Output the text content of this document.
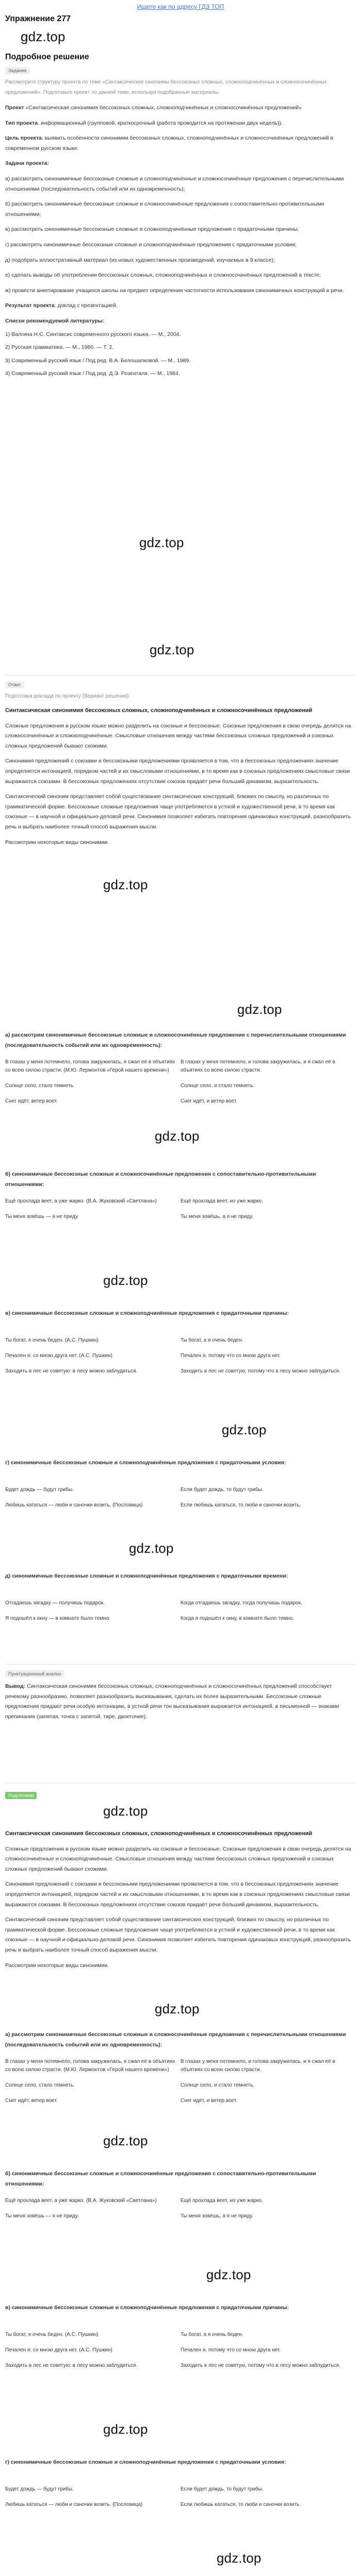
Ищете как по адресу ГДЗ ТОП
Упражнение 277
gdz.top
Подробное решение
Задание
Рассмотрите структуру проекта по теме «Синтаксические синонимы бессоюзных сложных, сложноподчинённых и сложносочинённых предложений». Подготовьте проект по данной теме, используя подобранные материалы.

Проект «Синтаксическая синонимия бессоюзных сложных, сложноподчинённых и сложносочинённых предложений»

Тип проекта: информационный (групповой, краткосрочный (работа проводится на протяжении двух недель)).

Цель проекта: выявить особенности синонимии бессоюзных сложных, сложноподчинённых и сложносочинённых предложений в современном русском языке.

Задачи проекта:

а) рассмотреть синонимичные бессоюзные сложные и сложноподчинённые и сложносочинённые предложения с перечислительными отношениями (последовательность событий или их одновременность);

б) рассмотреть синонимичные бессоюзные сложные и сложносочинённые предложения с сопоставительно-противительными отношениями;

в) рассмотреть синонимичные бессоюзные сложные и сложноподчинённые предложения с придаточными причины;

г) рассмотреть синонимичные бессоюзные сложные и сложноподчинённые предложения с придаточными условия;

д) подобрать иллюстративный материал (из новых художественных произведений, изучаемых в 9 классе);

е) сделать выводы об употреблении бессоюзных сложных, сложноподчинённых и сложносочинённых предложений в тексте;

ж) провести анкетирование учащихся школы на предмет определения частотности использования синонимичных конструкций в речи.

Результат проекта: доклад с презентацией.

Список рекомендуемой литературы:

1) Валгина Н.С. Синтаксис современного русского языка. — М., 2004.

2) Русская грамматика. — М., 1980. — Т. 2.

3) Современный русский язык / Под ред. В.А. Белошапковой. — М., 1989.

4) Современный русский язык / Под ред. Д.Э. Розенталя. — М., 1984.

gdz.top
gdz.top
Ответ
Подготовка доклада по проекту (Вариант решения):

Синтаксическая синонимия бессоюзных сложных, сложноподчинённых и сложносочинённых предложений

Сложные предложения в русском языке можно разделить на союзные и бессоюзные. Союзные предложения в свою очередь делятся на сложносочинённые и сложноподчинённые. Смысловые отношения между частями бессоюзных сложных предложений и союзных сложных предложений бывают схожими.

Синонимия предложений с союзами и бессоюзными предложениями проявляется в том, что в бессоюзных предложениях значение определяется интонацией, порядком частей и их смысловыми отношениями, в то время как в союзных предложениях смысловые связи выражаются союзами. В бессоюзных предложениях отсутствие союзов придаёт речи больший динамизм, выразительность.

Синтаксический синоним представляет собой существование синтаксических конструкций, близких по смыслу, но различных по грамматической форме. Бессоюзные сложные предложения чаще употребляются в устной и художественной речи, в то время как союзные — в научной и официально-деловой речи. Синонимия позволяет избегать повторения одинаковых конструкций, разнообразить речь и выбрать наиболее точный способ выражения мысли.

Рассмотрим некоторые виды синонимии.

gdz.top
gdz.top

а) рассмотрим синонимичные бессоюзные сложные и сложносочинённые предложения с перечислительными отношениями (последовательность событий или их одновременность):

В глазах у меня потемнело, голова закружилась, я сжал её в объятиях со всею силою страсти. (М.Ю. Лермонтов «Герой нашего времени»)	В глазах у меня потемнело, и голова закружилась, и я сжал её в объятиях со всею силою страсти.
Солнце село, стало темнеть.	Солнце село, и стало темнеть.
Снег идёт, ветер воет.	Снег идёт, и ветер воет.
gdz.top

б) синонимичные бессоюзные сложные и сложносочинённые предложения с сопоставительно-противительными отношениями:

Ещё прохлада веет, а уже жарко. (В.А. Жуковский «Светлана»)	Ещё прохлада веет, но уже жарко.
Ты меня зовёшь — я не приду.	Ты меня зовёшь, а я не приду.
gdz.top

в) синонимичные бессоюзные сложные и сложноподчинённые предложения с придаточными причины:

Ты богат, я очень беден. (А.С. Пушкин)	Ты богат, а я очень беден.
Печален я: со мною друга нет. (А.С. Пушкин)	Печален я, потому что со мною друга нет.
Заходить в лес не советую: в лесу можно заблудиться.	Заходить в лес не советую, потому что в лесу можно заблудиться.
gdz.top

г) синонимичные бессоюзные сложные и сложноподчинённые предложения с придаточными условия:

Будет дождь — будут грибы.	Если будет дождь, то будут грибы.
Любишь кататься — люби и саночки возить. (Пословица)	Если любишь кататься, то люби и саночки возить.
gdz.top

д) синонимичные бессоюзные сложные и сложноподчинённые предложения с придаточными времени:

Отгадаешь загадку — получишь подарок.	Когда отгадаешь загадку, тогда получишь подарок.
Я подошёл к окну — в комнате было темно.	Когда я подошёл к окну, в комнате было темно.
Пунктуационный анализ

Вывод: Синтаксическая синонимия бессоюзных сложных, сложноподчинённых и сложносочинённых предложений способствует речевому разнообразию, позволяет разнообразить высказывания, сделать их более выразительными. Бессоюзные сложные предложения придают речи особую интонацию, в устной речи тон высказывания выражается интонацией, в письменной — знаками препинания (запятая, точка с запятой, тире, двоеточие).

Подготовим
gdz.top

Синтаксическая синонимия бессоюзных сложных, сложноподчинённых и сложносочинённых предложений

Сложные предложения в русском языке можно разделить на союзные и бессоюзные. Союзные предложения в свою очередь делятся на сложносочинённые и сложноподчинённые. Смысловые отношения между частями бессоюзных сложных предложений и союзных сложных предложений бывают схожими.

Синонимия предложений с союзами и бессоюзными предложениями проявляется в том, что в бессоюзных предложениях значение определяется интонацией, порядком частей и их смысловыми отношениями, в то время как в союзных предложениях смысловые связи выражаются союзами. В бессоюзных предложениях отсутствие союзов придаёт речи больший динамизм, выразительность.

Синтаксический синоним представляет собой существование синтаксических конструкций, близких по смыслу, но различных по грамматической форме. Бессоюзные сложные предложения чаще употребляются в устной и художественной речи, в то время как союзные — в научной и официально-деловой речи. Синонимия позволяет избегать повторения одинаковых конструкций, разнообразить речь и выбрать наиболее точный способ выражения мысли.

Рассмотрим некоторые виды синонимии.

gdz.top

а) рассмотрим синонимичные бессоюзные сложные и сложносочинённые предложения с перечислительными отношениями (последовательность событий или их одновременность):

В глазах у меня потемнело, голова закружилась, я сжал её в объятиях со всею силою страсти. (М.Ю. Лермонтов «Герой нашего времени»)	В глазах у меня потемнело, и голова закружилась, и я сжал её в объятиях со всею силою страсти.
Солнце село, стало темнеть.	Солнце село, и стало темнеть.
Снег идёт, ветер воет.	Снег идёт, и ветер воет.
gdz.top

б) синонимичные бессоюзные сложные и сложносочинённые предложения с сопоставительно-противительными отношениями:

Ещё прохлада веет, а уже жарко. (В.А. Жуковский «Светлана»)	Ещё прохлада веет, но уже жарко.
Ты меня зовёшь — я не приду.	Ты меня зовёшь, а я не приду.
gdz.top

в) синонимичные бессоюзные сложные и сложноподчинённые предложения с придаточными причины:

Ты богат, я очень беден. (А.С. Пушкин)	Ты богат, а я очень беден.
Печален я: со мною друга нет. (А.С. Пушкин)	Печален я, потому что со мною друга нет.
Заходить в лес не советую: в лесу можно заблудиться.	Заходить в лес не советую, потому что в лесу можно заблудиться.
gdz.top

г) синонимичные бессоюзные сложные и сложноподчинённые предложения с придаточными условия:

Будет дождь — будут грибы.	Если будет дождь, то будут грибы.
Любишь кататься — люби и саночки возить. (Пословица)	Если любишь кататься, то люби и саночки возить.
gdz.top
